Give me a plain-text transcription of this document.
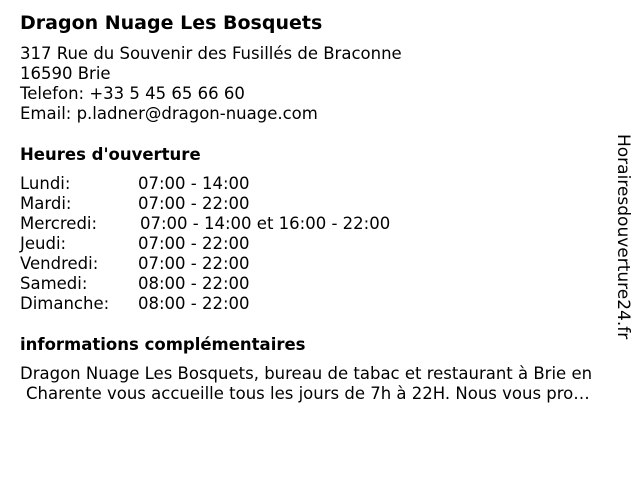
Dragon Nuage Les Bosquets
317 Rue du Souvenir des Fusillés de Braconne
16590 Brie
Telefon: +33 5 45 65 66 60
Email: p.ladner@dragon-nuage.com
Heures d'ouverture
Lundi:	07:00 - 14:00
Mardi:	07:00 - 22:00
Mercredi:	07:00 - 14:00 et 16:00 - 22:00
Jeudi:	07:00 - 22:00
Vendredi: 07:00 - 22:00
Samedi:	08:00 - 22:00
Dimanche: 08:00 - 22:00
informations complémentaires
Dragon Nuage Les Bosquets, bureau de tabac et restaurant à Brie en
Charente vous accueille tous les jours de 7h à 22H. Nous vous pro…
Horairesdouverture24.fr
